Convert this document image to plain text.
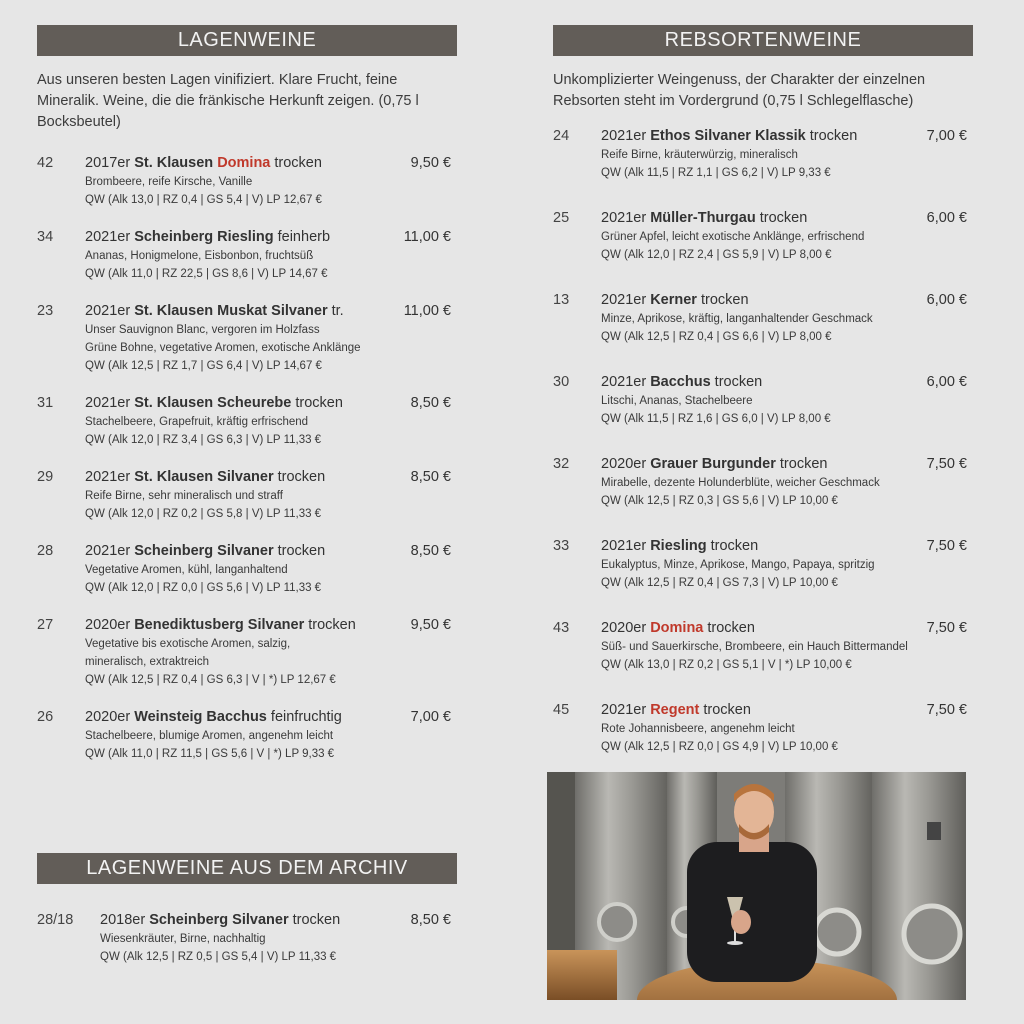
LAGENWEINE
Aus unseren besten Lagen vinifiziert. Klare Frucht, feine Mineralik. Weine, die die fränkische Herkunft zeigen. (0,75 l Bocksbeutel)
42 2017er St. Klausen Domina trocken	9,50 €
Brombeere, reife Kirsche, Vanille
QW (Alk 13,0 | RZ 0,4 | GS 5,4 | V) LP 12,67 €
34 2021er Scheinberg Riesling feinherb	11,00 €
Ananas, Honigmelone, Eisbonbon, fruchtsüß
QW (Alk 11,0 | RZ 22,5 | GS 8,6 | V) LP 14,67 €
23 2021er St. Klausen Muskat Silvaner tr.	11,00 €
Unser Sauvignon Blanc, vergoren im Holzfass
Grüne Bohne, vegetative Aromen, exotische Anklänge
QW (Alk 12,5 | RZ 1,7 | GS 6,4 | V) LP 14,67 €
31 2021er St. Klausen Scheurebe trocken	8,50 €
Stachelbeere, Grapefruit, kräftig erfrischend
QW (Alk 12,0 | RZ 3,4 | GS 6,3 | V) LP 11,33 €
29 2021er St. Klausen Silvaner trocken	8,50 €
Reife Birne, sehr mineralisch und straff
QW (Alk 12,0 | RZ 0,2 | GS 5,8 | V) LP 11,33 €
28 2021er Scheinberg Silvaner trocken	8,50 €
Vegetative Aromen, kühl, langanhaltend
QW (Alk 12,0 | RZ 0,0 | GS 5,6 | V) LP 11,33 €
27 2020er Benediktusberg Silvaner trocken	9,50 €
Vegetative bis exotische Aromen, salzig,
mineralisch, extraktreich
QW (Alk 12,5 | RZ 0,4 | GS 6,3 | V | *) LP 12,67 €
26 2020er Weinsteig Bacchus feinfruchtig	7,00 €
Stachelbeere, blumige Aromen, angenehm leicht
QW (Alk 11,0 | RZ 11,5 | GS 5,6 | V | *) LP 9,33 €
LAGENWEINE AUS DEM ARCHIV
28/18 2018er Scheinberg Silvaner trocken	8,50 €
Wiesenkräuter, Birne, nachhaltig
QW (Alk 12,5 | RZ 0,5 | GS 5,4 | V) LP 11,33 €
REBSORTENWEINE
Unkomplizierter Weingenuss, der Charakter der einzelnen Rebsorten steht im Vordergrund (0,75 l Schlegelflasche)
24 2021er Ethos Silvaner Klassik trocken	7,00 €
Reife Birne, kräuterwürzig, mineralisch
QW (Alk 11,5 | RZ 1,1 | GS 6,2 | V) LP 9,33 €
25 2021er Müller-Thurgau trocken	6,00 €
Grüner Apfel, leicht exotische Anklänge, erfrischend
QW (Alk 12,0 | RZ 2,4 | GS 5,9 | V) LP 8,00 €
13 2021er Kerner trocken	6,00 €
Minze, Aprikose, kräftig, langanhaltender Geschmack
QW (Alk 12,5 | RZ 0,4 | GS 6,6 | V) LP 8,00 €
30 2021er Bacchus trocken	6,00 €
Litschi, Ananas, Stachelbeere
QW (Alk 11,5 | RZ 1,6 | GS 6,0 | V) LP 8,00 €
32 2020er Grauer Burgunder trocken	7,50 €
Mirabelle, dezente Holunderblüte, weicher Geschmack
QW (Alk 12,5 | RZ 0,3 | GS 5,6 | V) LP 10,00 €
33 2021er Riesling trocken	7,50 €
Eukalyptus, Minze, Aprikose, Mango, Papaya, spritzig
QW (Alk 12,5 | RZ 0,4 | GS 7,3 | V) LP 10,00 €
43 2020er Domina trocken	7,50 €
Süß- und Sauerkirsche, Brombeere, ein Hauch Bittermandel
QW (Alk 13,0 | RZ 0,2 | GS 5,1 | V | *) LP 10,00 €
45 2021er Regent trocken	7,50 €
Rote Johannisbeere, angenehm leicht
QW (Alk 12,5 | RZ 0,0 | GS 4,9 | V) LP 10,00 €
